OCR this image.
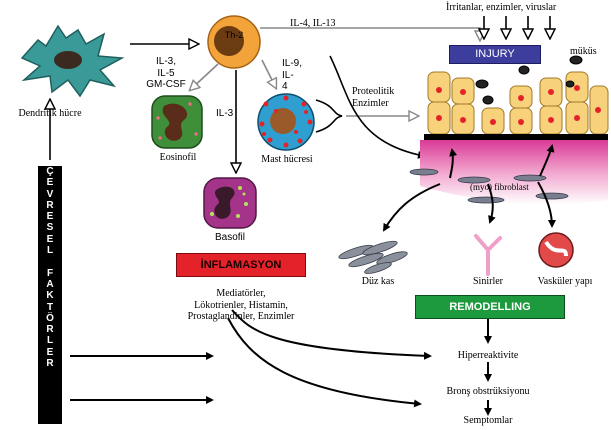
Dendritik hücre
Th-2
IL-4, IL-13
IL-3,
IL-5
GM-CSF
IL-9,
IL-
4
IL-3
Eosinofil	Mast hücresi
Basofil
Proteolitik
Enzimler
İrritanlar, enzimler, viruslar
müküs
(myo) fibroblast
Düz kas	Sinirler	Vasküler yapı
INJURY
İNFLAMASYON
REMODELLING
Mediatörler,
Lökotrienler, Histamin,
Prostaglandinler, Enzimler
Hiperreaktivite
Bronş obstrüksiyonu
Semptomlar
Ç
E
V
R
E
S
E
L

F
A
K
T
Ö
R
L
E
R
